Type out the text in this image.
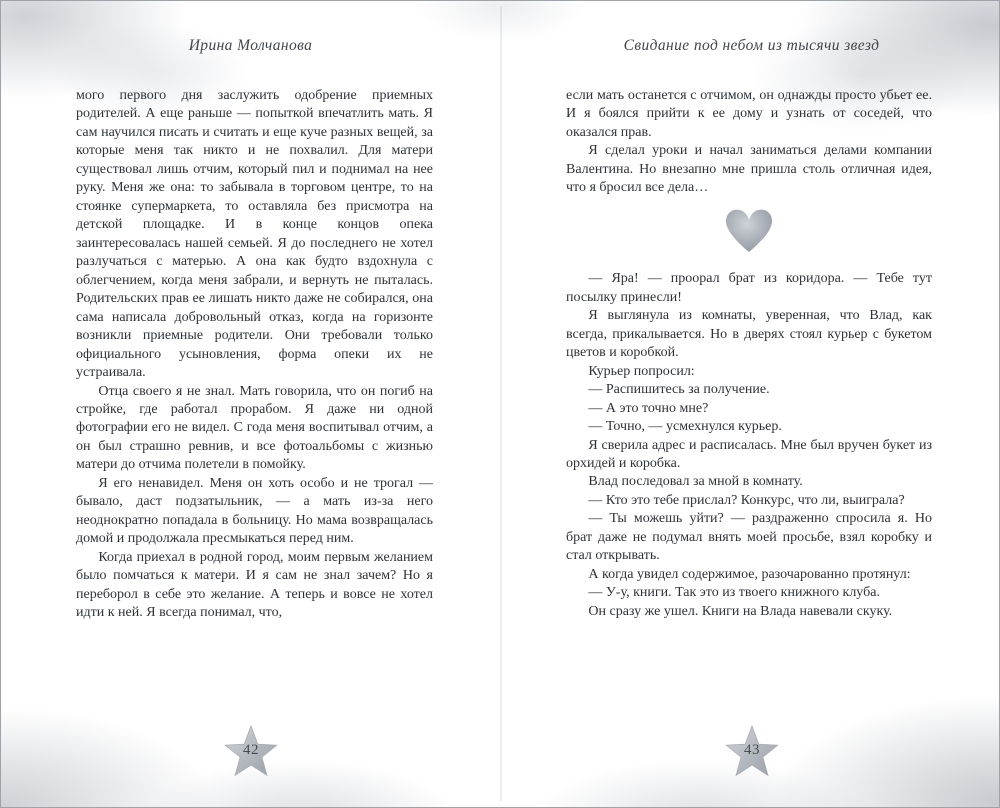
Ирина Молчанова

мого первого дня заслужить одобрение приемных родителей. А еще раньше — попыткой впечатлить мать. Я сам научился писать и считать и еще куче разных вещей, за которые меня так никто и не похвалил. Для матери существовал лишь отчим, который пил и поднимал на нее руку. Меня же она: то забывала в торговом центре, то на стоянке супермаркета, то оставляла без присмотра на детской площадке. И в конце концов опека заинтересовалась нашей семьей. Я до последнего не хотел разлучаться с матерью. А она как будто вздохнула с облегчением, когда меня забрали, и вернуть не пыталась. Родительских прав ее лишать никто даже не собирался, она сама написала добровольный отказ, когда на горизонте возникли приемные родители. Они требовали только официального усыновления, форма опеки их не устраивала.

Отца своего я не знал. Мать говорила, что он погиб на стройке, где работал прорабом. Я даже ни одной фотографии его не видел. С года меня воспитывал отчим, а он был страшно ревнив, и все фотоальбомы с жизнью матери до отчима полетели в помойку.

Я его ненавидел. Меня он хоть особо и не трогал — бывало, даст подзатыльник, — а мать из-за него неоднократно попадала в больницу. Но мама возвращалась домой и продолжала пресмыкаться перед ним.

Когда приехал в родной город, моим первым желанием было помчаться к матери. И я сам не знал зачем? Но я переборол в себе это желание. А теперь и вовсе не хотел идти к ней. Я всегда понимал, что,

42
Свидание под небом из тысячи звезд

если мать останется с отчимом, он однажды просто убьет ее. И я боялся прийти к ее дому и узнать от соседей, что оказался прав.

Я сделал уроки и начал заниматься делами компании Валентина. Но внезапно мне пришла столь отличная идея, что я бросил все дела…

— Яра! — проорал брат из коридора. — Тебе тут посылку принесли!

Я выглянула из комнаты, уверенная, что Влад, как всегда, прикалывается. Но в дверях стоял курьер с букетом цветов и коробкой.

Курьер попросил:

— Распишитесь за получение.

— А это точно мне?

— Точно, — усмехнулся курьер.

Я сверила адрес и расписалась. Мне был вручен букет из орхидей и коробка.

Влад последовал за мной в комнату.

— Кто это тебе прислал? Конкурс, что ли, выиграла?

— Ты можешь уйти? — раздраженно спросила я. Но брат даже не подумал внять моей просьбе, взял коробку и стал открывать.

А когда увидел содержимое, разочарованно протянул:

— У-у, книги. Так это из твоего книжного клуба.

Он сразу же ушел. Книги на Влада навевали скуку.

43
